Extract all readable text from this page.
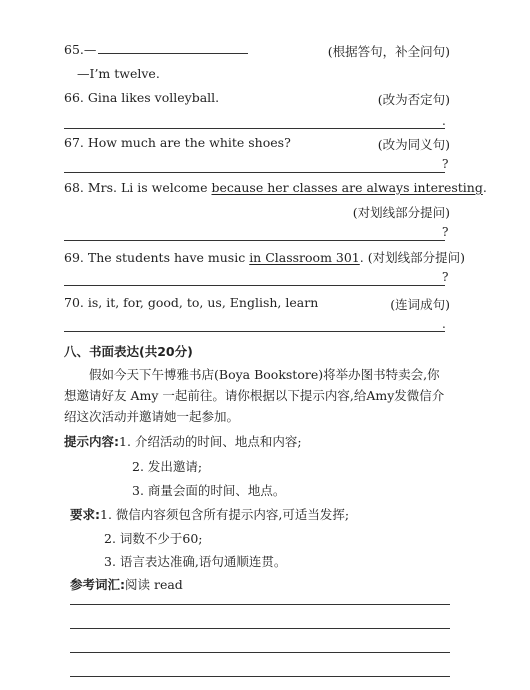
65.—	(根据答句，补全问句)
—I’m twelve.
66. Gina likes volleyball.	(改为否定句)
.
67. How much are the white shoes?	(改为同义句)
?
68. Mrs. Li is welcome because her classes are always interesting.
(对划线部分提问)
?
69. The students have music in Classroom 301. (对划线部分提问)
?
70. is, it, for, good, to, us, English, learn	(连词成句)
.
八、书面表达(共20分)
假如今天下午博雅书店(Boya Bookstore)将举办图书特卖会,你想邀请好友 Amy 一起前往。请你根据以下提示内容,给Amy发微信介绍这次活动并邀请她一起参加。
提示内容:1. 介绍活动的时间、地点和内容;
2. 发出邀请;
3. 商量会面的时间、地点。
要求:1. 微信内容须包含所有提示内容,可适当发挥;
2. 词数不少于60;
3. 语言表达准确,语句通顺连贯。
参考词汇:阅读 read
